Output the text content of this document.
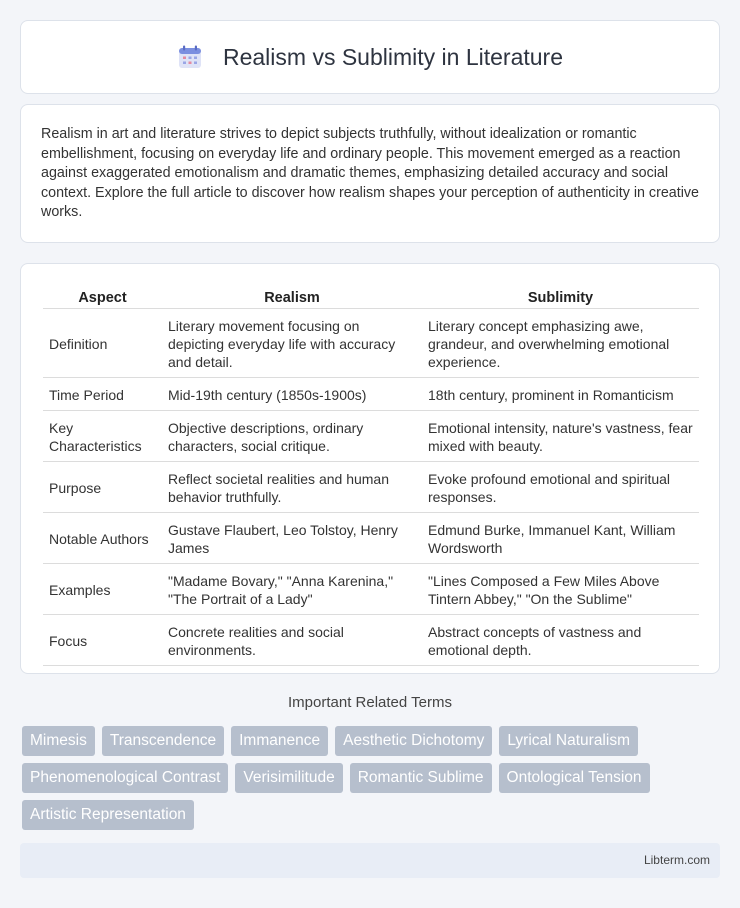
Realism vs Sublimity in Literature

Realism in art and literature strives to depict subjects truthfully, without idealization or romantic embellishment, focusing on everyday life and ordinary people. This movement emerged as a reaction against exaggerated emotionalism and dramatic themes, emphasizing detailed accuracy and social context. Explore the full article to discover how realism shapes your perception of authenticity in creative works.

Aspect	Realism	Sublimity
Definition	Literary movement focusing on depicting everyday life with accuracy and detail.	Literary concept emphasizing awe, grandeur, and overwhelming emotional experience.
Time Period	Mid-19th century (1850s-1900s)	18th century, prominent in Romanticism
Key Characteristics	Objective descriptions, ordinary characters, social critique.	Emotional intensity, nature's vastness, fear mixed with beauty.
Purpose	Reflect societal realities and human behavior truthfully.	Evoke profound emotional and spiritual responses.
Notable Authors	Gustave Flaubert, Leo Tolstoy, Henry James	Edmund Burke, Immanuel Kant, William Wordsworth
Examples	"Madame Bovary," "Anna Karenina," "The Portrait of a Lady"	"Lines Composed a Few Miles Above Tintern Abbey," "On the Sublime"
Focus	Concrete realities and social environments.	Abstract concepts of vastness and emotional depth.
Important Related Terms
Mimesis	Transcendence	Immanence	Aesthetic Dichotomy	Lyrical Naturalism
Phenomenological Contrast	Verisimilitude	Romantic Sublime	Ontological Tension
Artistic Representation
Libterm.com
